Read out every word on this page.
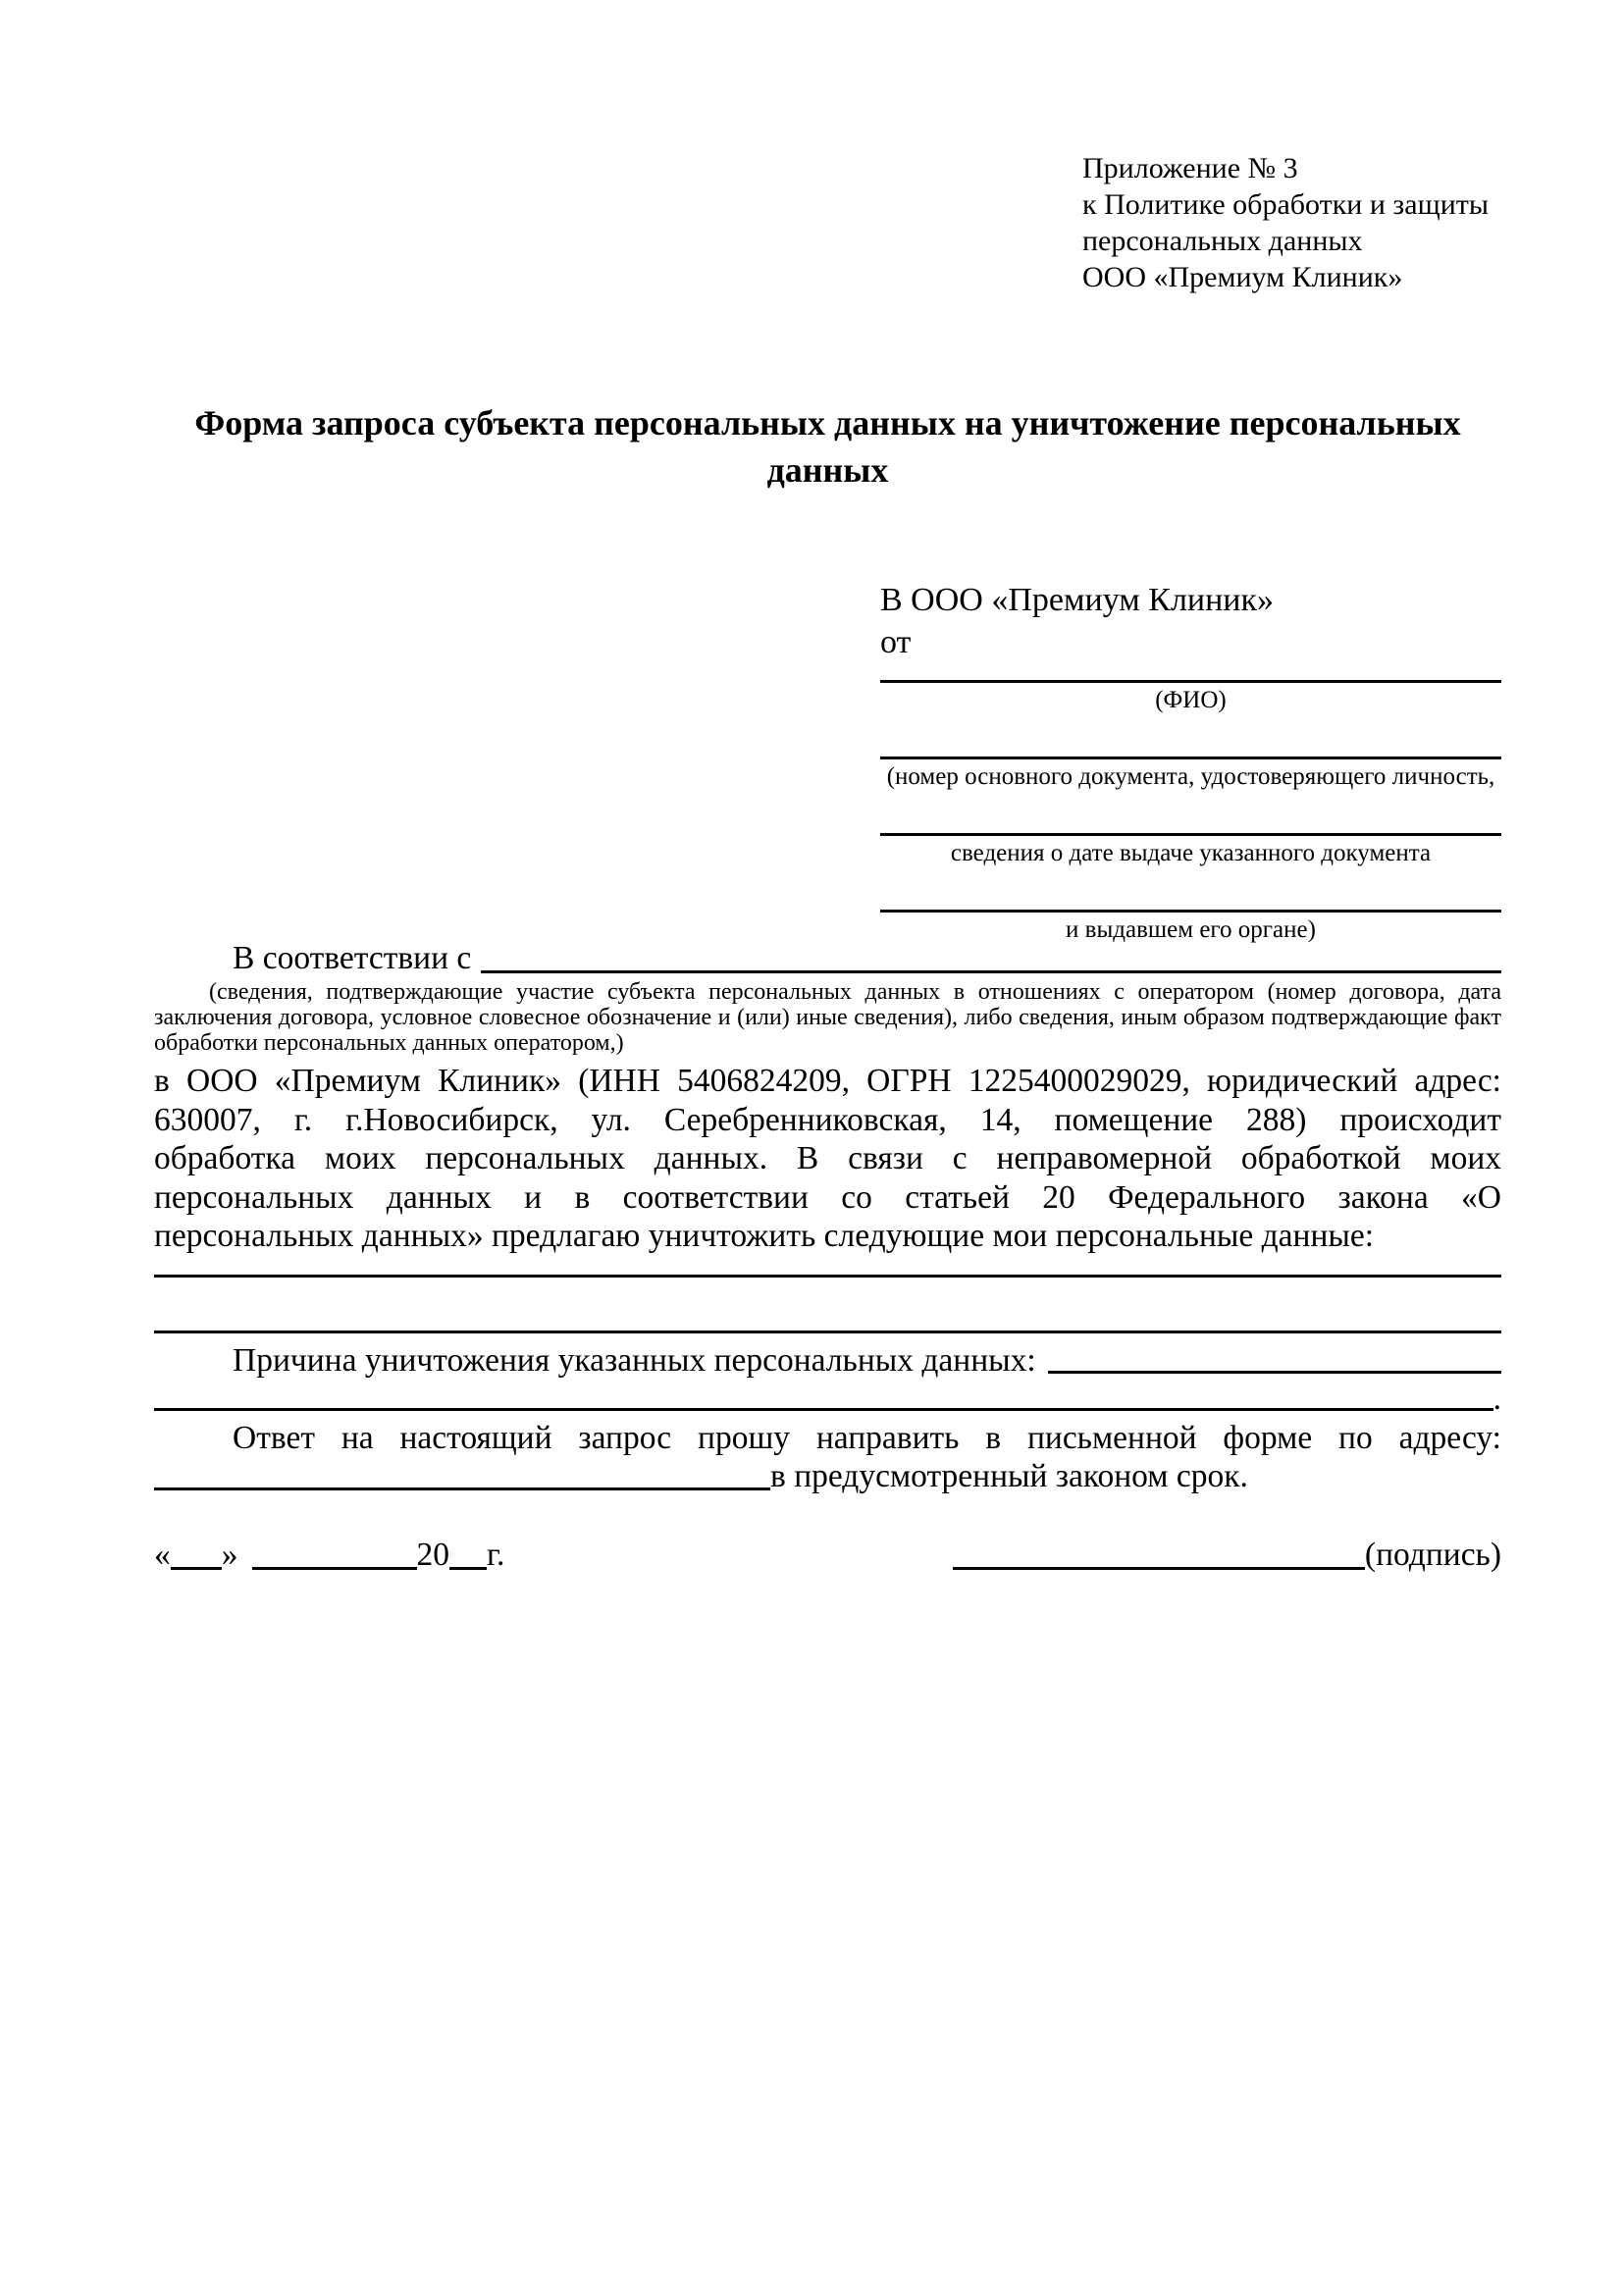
Приложение № 3
к Политике обработки и защиты
персональных данных
ООО «Премиум Клиник»
Форма запроса субъекта персональных данных на уничтожение персональных данных
В ООО «Премиум Клиник»
от
(ФИО)
(номер основного документа, удостоверяющего личность,
сведения о дате выдаче указанного документа
и выдавшем его органе)
В соответствии с
(сведения, подтверждающие участие субъекта персональных данных в отношениях с оператором (номер договора, дата
заключения договора, условное словесное обозначение и (или) иные сведения), либо сведения, иным образом подтверждающие факт
обработки персональных данных оператором,)
в ООО «Премиум Клиник» (ИНН 5406824209, ОГРН 1225400029029, юридический адрес:
630007, г. г.Новосибирск, ул. Серебренниковская, 14, помещение 288) происходит
обработка моих персональных данных. В связи с неправомерной обработкой моих
персональных данных и в соответствии со статьей 20 Федерального закона «О
персональных данных» предлагаю уничтожить следующие мои персональные данные:
Причина уничтожения указанных персональных данных:
.
Ответ на настоящий запрос прошу направить в письменной форме по адресу:
в предусмотренный законом срок.
« »	20 г.	(подпись)
